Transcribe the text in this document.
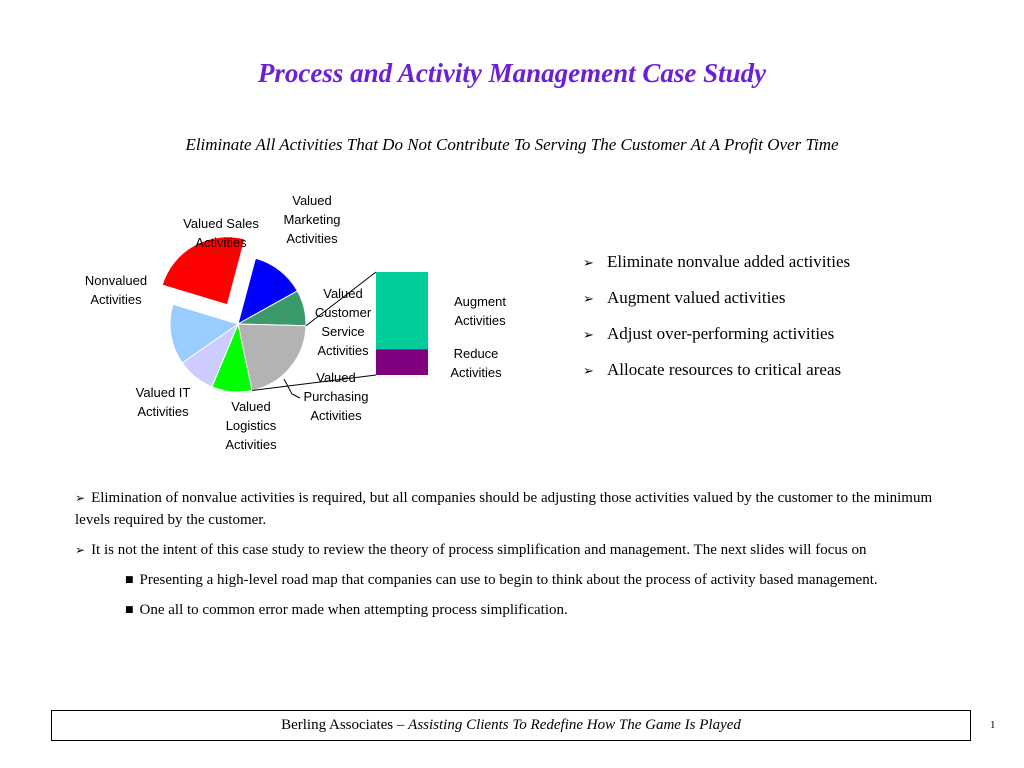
Process and Activity Management Case Study
Eliminate All Activities That Do Not Contribute To Serving The Customer At A Profit Over Time
Valued Sales Activities
Valued Marketing Activities
Nonvalued Activities	Valued Customer Service Activities
Valued Purchasing Activities
Valued IT Activities	Valued Logistics Activities
Augment Activities
Reduce Activities
➢ Eliminate nonvalue added activities
➢ Augment valued activities
➢ Adjust over-performing activities
➢ Allocate resources to critical areas

➢ Elimination of nonvalue activities is required, but all companies should be adjusting those activities valued by the customer to the minimum levels required by the customer.

➢ It is not the intent of this case study to review the theory of process simplification and management. The next slides will focus on

■ Presenting a high-level road map that companies can use to begin to think about the process of activity based management.

■ One all to common error made when attempting process simplification.

Berling Associates – Assisting Clients To Redefine How The Game Is Played	1
